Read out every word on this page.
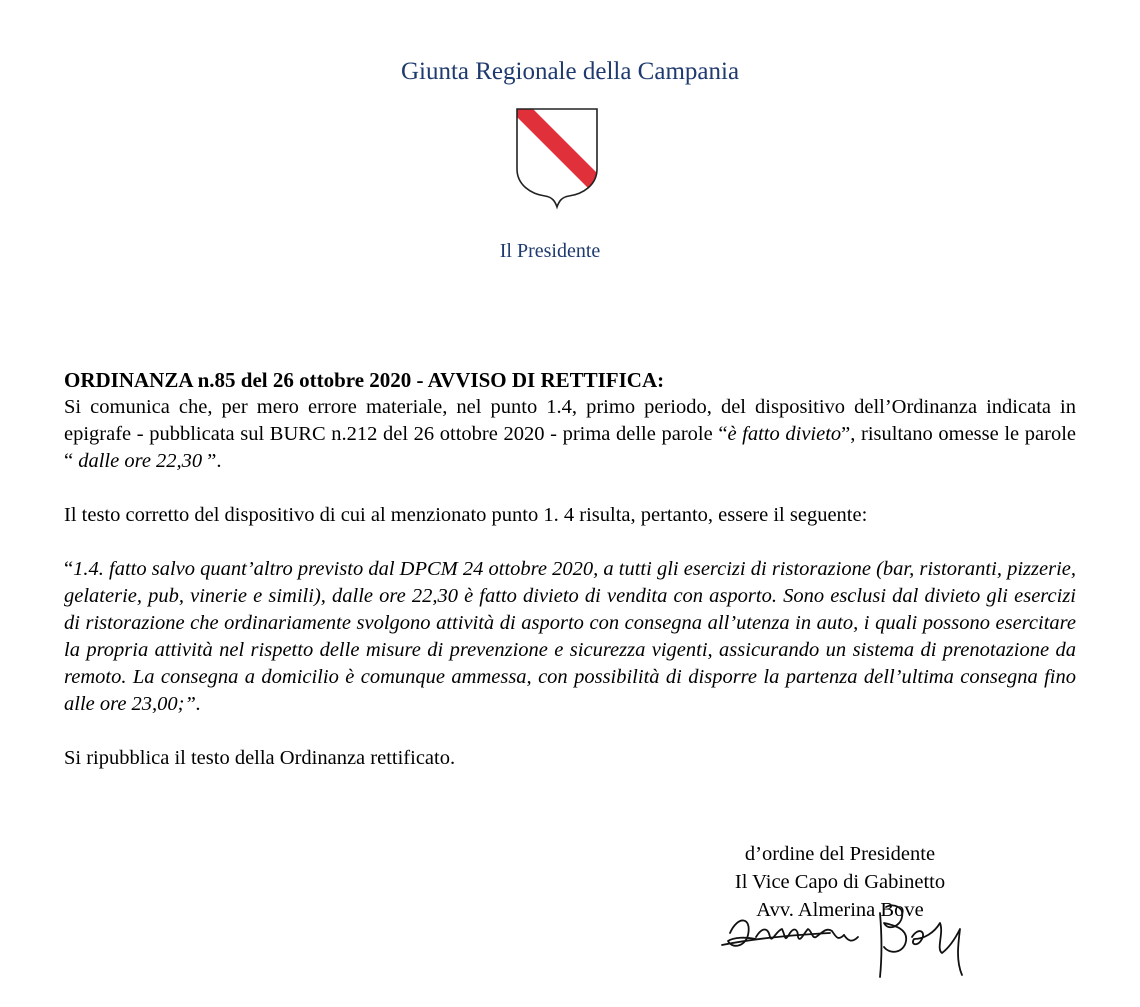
Giunta Regionale della Campania
Il Presidente
ORDINANZA n.85 del 26 ottobre 2020 - AVVISO DI RETTIFICA:

Si comunica che, per mero errore materiale, nel punto 1.4, primo periodo, del dispositivo dell’Ordinanza indicata in epigrafe - pubblicata sul BURC n.212 del 26 ottobre 2020 - prima delle parole “è fatto divieto”, risultano omesse le parole “ dalle ore 22,30 ”.

Il testo corretto del dispositivo di cui al menzionato punto 1. 4 risulta, pertanto, essere il seguente:

“1.4. fatto salvo quant’altro previsto dal DPCM 24 ottobre 2020, a tutti gli esercizi di ristorazione (bar, ristoranti, pizzerie, gelaterie, pub, vinerie e simili), dalle ore 22,30 è fatto divieto di vendita con asporto. Sono esclusi dal divieto gli esercizi di ristorazione che ordinariamente svolgono attività di asporto con consegna all’utenza in auto, i quali possono esercitare la propria attività nel rispetto delle misure di prevenzione e sicurezza vigenti, assicurando un sistema di prenotazione da remoto. La consegna a domicilio è comunque ammessa, con possibilità di disporre la partenza dell’ultima consegna fino alle ore 23,00;”.

Si ripubblica il testo della Ordinanza rettificato.

d’ordine del Presidente
Il Vice Capo di Gabinetto
Avv. Almerina Bove
